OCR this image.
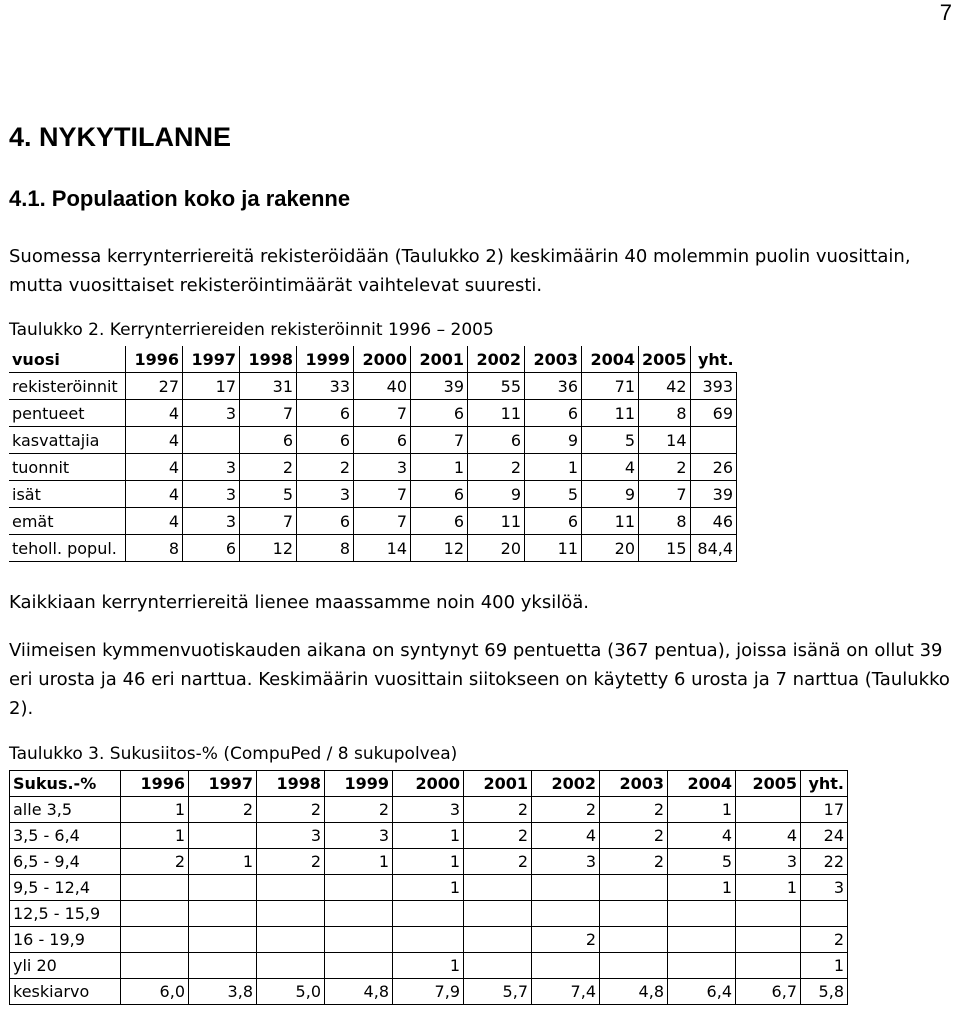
7
4. NYKYTILANNE
4.1. Populaation koko ja rakenne
Suomessa kerrynterriereitä rekisteröidään (Taulukko 2) keskimäärin 40 molemmin puolin vuosittain, mutta vuosittaiset rekisteröintimäärät vaihtelevat suuresti.
Taulukko 2. Kerrynterriereiden rekisteröinnit 1996 – 2005
vuosi	1996	1997	1998	1999	2000	2001	2002	2003	2004	2005	yht.
rekisteröinnit	27	17	31	33	40	39	55	36	71	42	393
pentueet	4	3	7	6	7	6	11	6	11	8	69
kasvattajia	4		6	6	6	7	6	9	5	14	
tuonnit	4	3	2	2	3	1	2	1	4	2	26
isät	4	3	5	3	7	6	9	5	9	7	39
emät	4	3	7	6	7	6	11	6	11	8	46
teholl. popul.	8	6	12	8	14	12	20	11	20	15	84,4
Kaikkiaan kerrynterriereitä lienee maassamme noin 400 yksilöä.
Viimeisen kymmenvuotiskauden aikana on syntynyt 69 pentuetta (367 pentua), joissa isänä on ollut 39 eri urosta ja 46 eri narttua. Keskimäärin vuosittain siitokseen on käytetty 6 urosta ja 7 narttua (Taulukko 2).
Taulukko 3. Sukusiitos-% (CompuPed / 8 sukupolvea)
Sukus.-%	1996	1997	1998	1999	2000	2001	2002	2003	2004	2005	yht.
alle 3,5	1	2	2	2	3	2	2	2	1		17
3,5 - 6,4	1		3	3	1	2	4	2	4	4	24
6,5 - 9,4	2	1	2	1	1	2	3	2	5	3	22
9,5 - 12,4					1				1	1	3
12,5 - 15,9											
16 - 19,9							2				2
yli 20					1						1
keskiarvo	6,0	3,8	5,0	4,8	7,9	5,7	7,4	4,8	6,4	6,7	5,8
